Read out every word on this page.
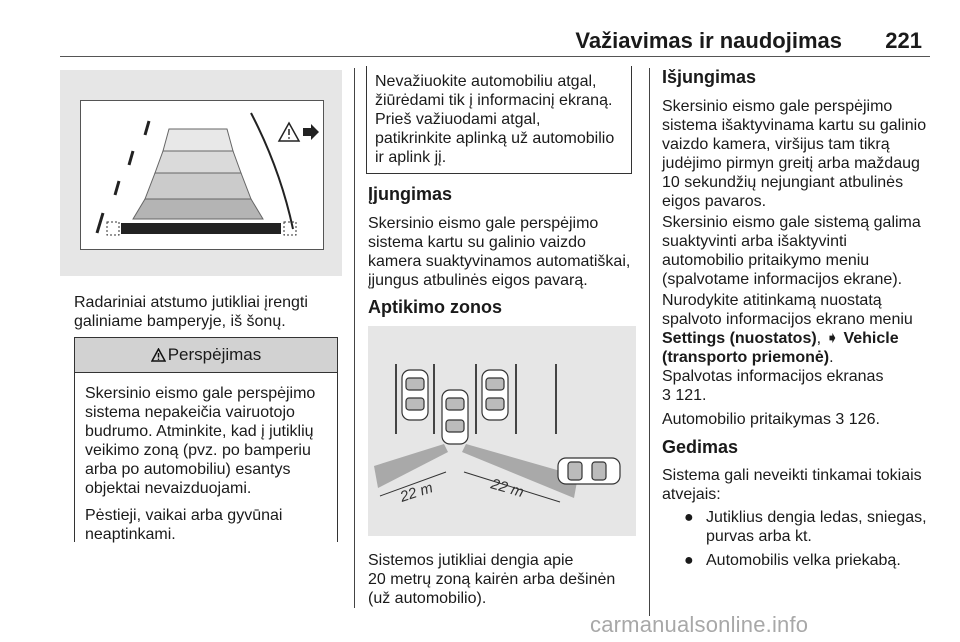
Važiavimas ir naudojimas 221
Radariniai atstumo jutikliai įrengti
galiniame bamperyje, iš šonų.
Perspėjimas

Skersinio eismo gale perspėjimo
sistema nepakeičia vairuotojo
budrumo. Atminkite, kad į jutiklių
veikimo zoną (pvz. po bamperiu
arba po automobiliu) esantys
objektai nevaizduojami.

Pėstieji, vaikai arba gyvūnai
neaptinkami.

Nevažiuokite automobiliu atgal,
žiūrėdami tik į informacinį ekraną.
Prieš važiuodami atgal,
patikrinkite aplinką už automobilio
ir aplink jį.
Įjungimas
Skersinio eismo gale perspėjimo
sistema kartu su galinio vaizdo
kamera suaktyvinamos automatiškai,
įjungus atbulinės eigos pavarą.
Aptikimo zonos
22 m	22 m
Sistemos jutikliai dengia apie
20 metrų zoną kairėn arba dešinėn
(už automobilio).
Išjungimas
Skersinio eismo gale perspėjimo
sistema išaktyvinama kartu su galinio
vaizdo kamera, viršijus tam tikrą
judėjimo pirmyn greitį arba maždaug
10 sekundžių nejungiant atbulinės
eigos pavaros.
Skersinio eismo gale sistemą galima
suaktyvinti arba išaktyvinti
automobilio pritaikymo meniu
(spalvotame informacijos ekrane).
Nurodykite atitinkamą nuostatą
spalvoto informacijos ekrano meniu
Settings (nuostatos), ➧ Vehicle
(transporto priemonė).
Spalvotas informacijos ekranas
3 121.
Automobilio pritaikymas 3 126.
Gedimas
Sistema gali neveikti tinkamai tokiais
atvejais:
● Jutiklius dengia ledas, sniegas,
purvas arba kt.
● Automobilis velka priekabą.
carmanualsonline.info
